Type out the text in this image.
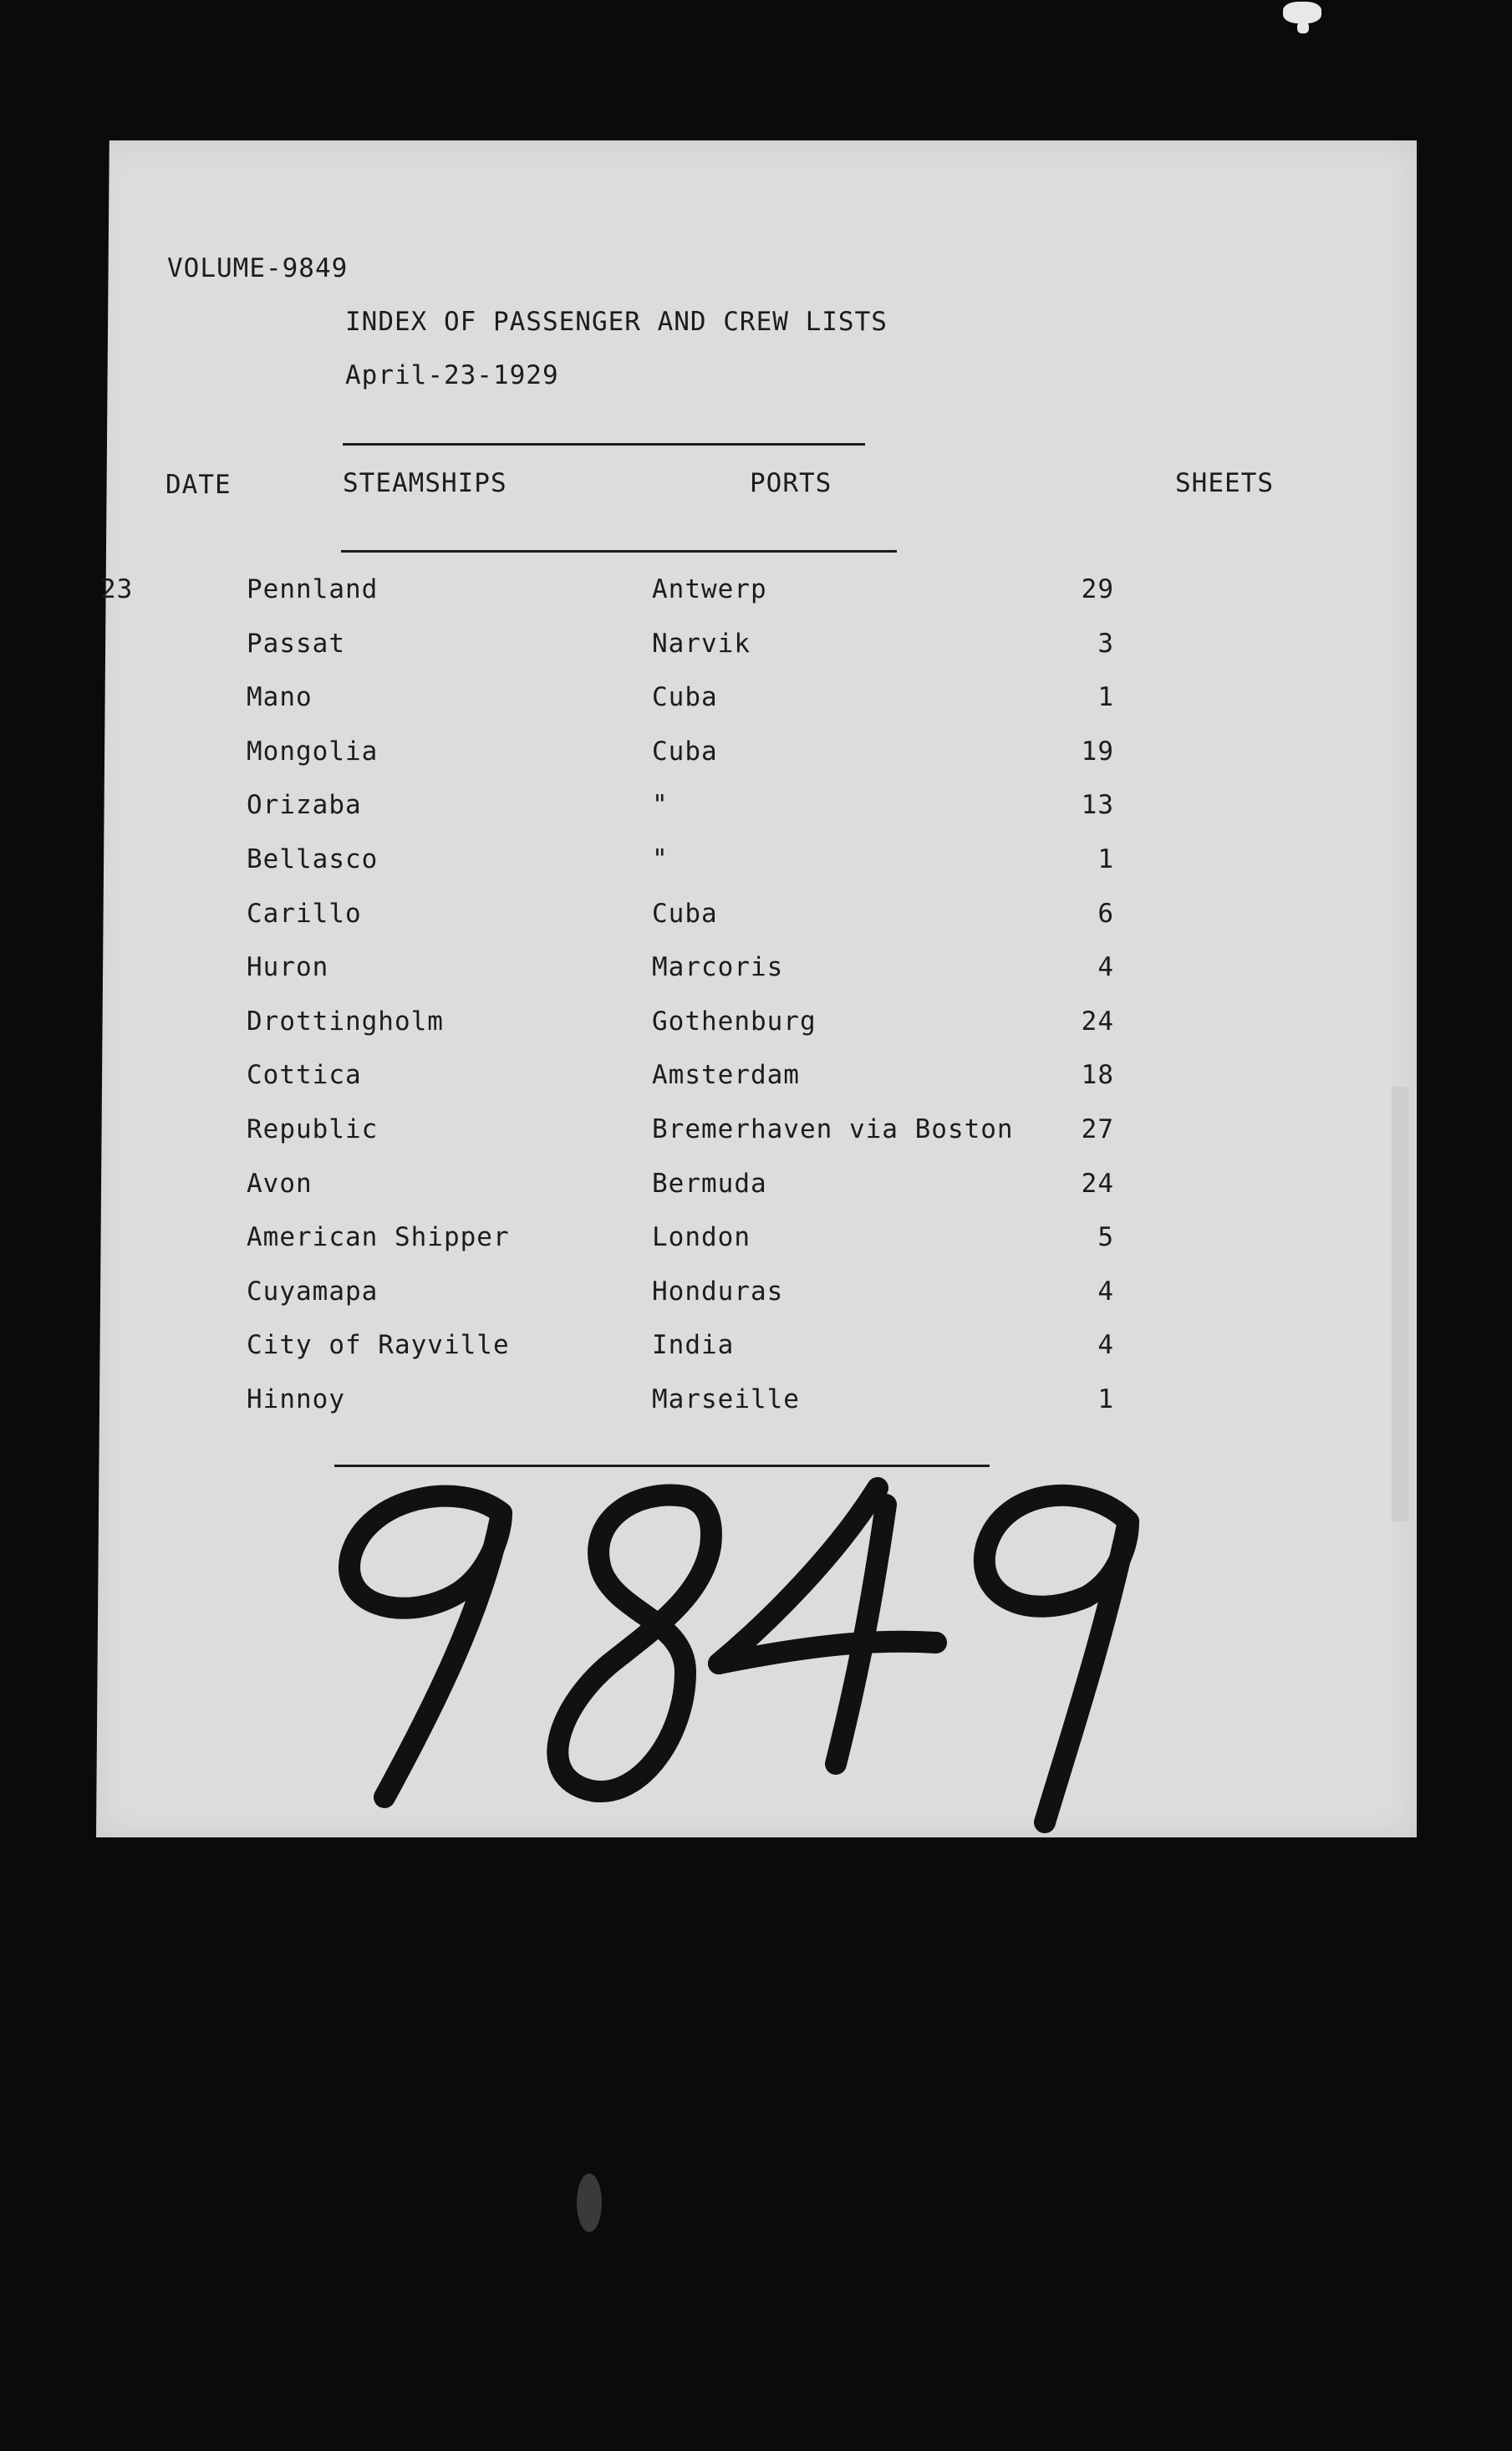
VOLUME-9849
INDEX OF PASSENGER AND CREW LISTS
April-23-1929
DATE	STEAMSHIPS	PORTS	SHEETS
23	Pennland	Antwerp	29
Passat	Narvik	3
Mano	Cuba	1
Mongolia	Cuba	19
Orizaba	"	13
Bellasco	"	1
Carillo	Cuba	6
Huron	Marcoris	4
Drottingholm	Gothenburg	24
Cottica	Amsterdam	18
Republic	Bremerhaven via Boston	27
Avon	Bermuda	24
American Shipper	London	5
Cuyamapa	Honduras	4
City of Rayville	India	4
Hinnoy	Marseille	1
9849
